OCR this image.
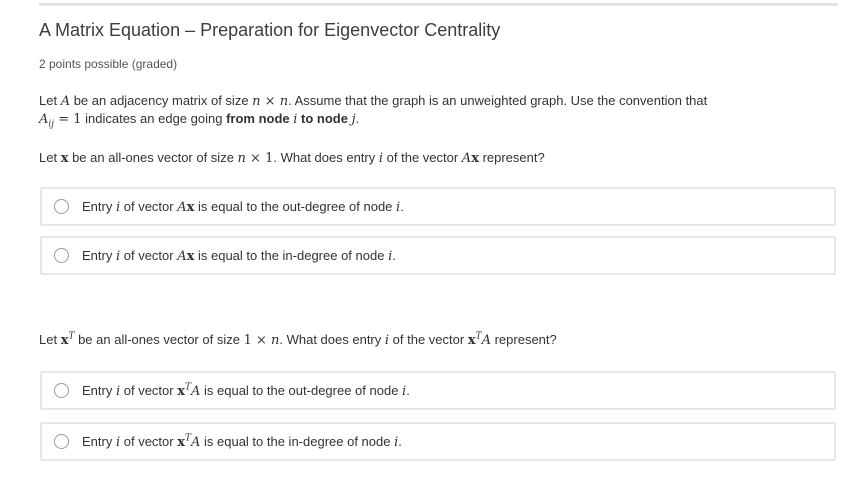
A Matrix Equation – Preparation for Eigenvector Centrality
2 points possible (graded)
Let A be an adjacency matrix of size n × n. Assume that the graph is an unweighted graph. Use the convention that
$A_{ij} = 1$ indicates an edge going from node i to node j.
Let x be an all-ones vector of size n × 1. What does entry i of the vector Ax represent?
Entry i of vector Ax is equal to the out-degree of node i.
Entry i of vector Ax is equal to the in-degree of node i.
Let $x^T$ be an all-ones vector of size 1 × n. What does entry i of the vector $x^TA$ represent?
Entry i of vector $x^TA$ is equal to the out-degree of node i.
Entry i of vector $x^TA$ is equal to the in-degree of node i.
